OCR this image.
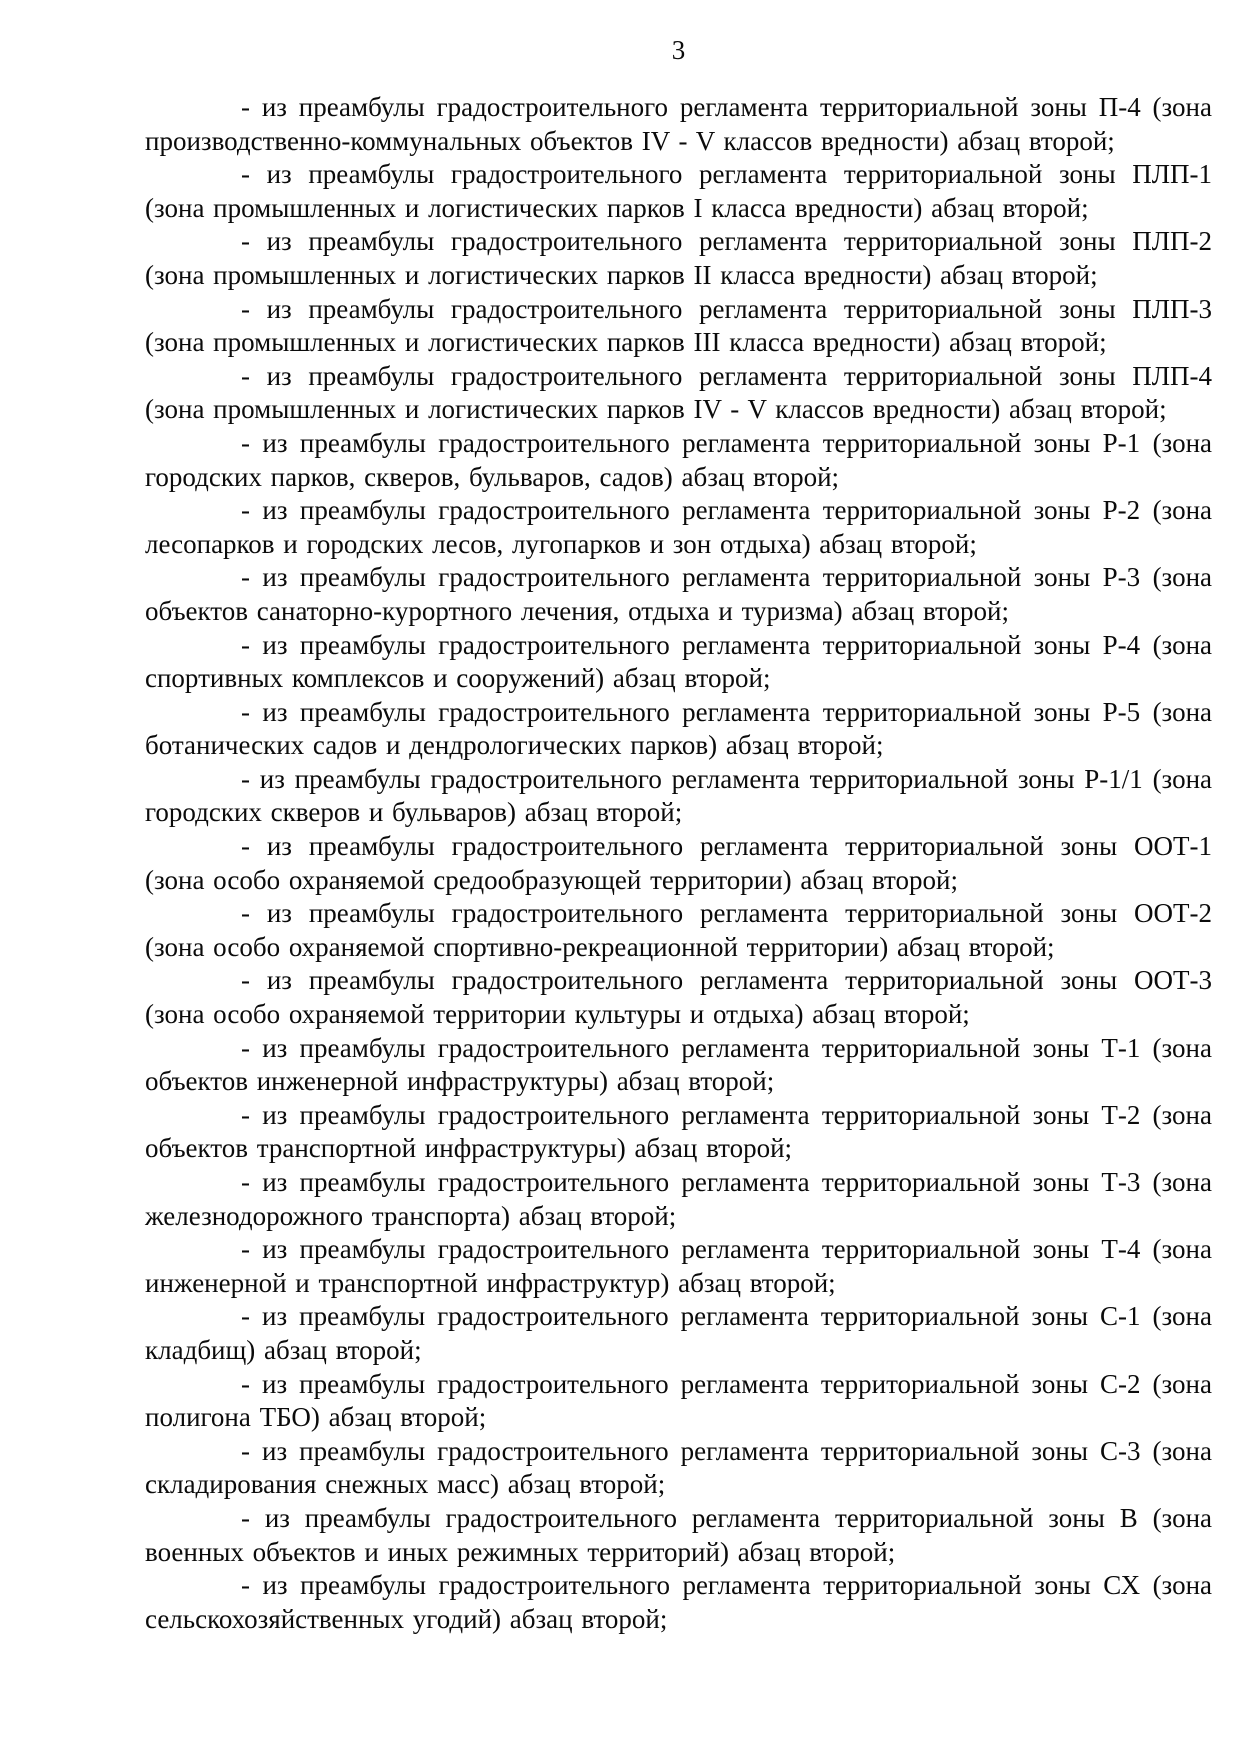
3

- из преамбулы градостроительного регламента территориальной зоны П-4 (зона производственно-коммунальных объектов IV - V классов вредности) абзац второй;

- из преамбулы градостроительного регламента территориальной зоны ПЛП-1 (зона промышленных и логистических парков I класса вредности) абзац второй;

- из преамбулы градостроительного регламента территориальной зоны ПЛП-2 (зона промышленных и логистических парков II класса вредности) абзац второй;

- из преамбулы градостроительного регламента территориальной зоны ПЛП-3 (зона промышленных и логистических парков III класса вредности) абзац второй;

- из преамбулы градостроительного регламента территориальной зоны ПЛП-4 (зона промышленных и логистических парков IV - V классов вредности) абзац второй;

- из преамбулы градостроительного регламента территориальной зоны Р-1 (зона городских парков, скверов, бульваров, садов) абзац второй;

- из преамбулы градостроительного регламента территориальной зоны Р-2 (зона лесопарков и городских лесов, лугопарков и зон отдыха) абзац второй;

- из преамбулы градостроительного регламента территориальной зоны Р-3 (зона объектов санаторно-курортного лечения, отдыха и туризма) абзац второй;

- из преамбулы градостроительного регламента территориальной зоны Р-4 (зона спортивных комплексов и сооружений) абзац второй;

- из преамбулы градостроительного регламента территориальной зоны Р-5 (зона ботанических садов и дендрологических парков) абзац второй;

- из преамбулы градостроительного регламента территориальной зоны Р-1/1 (зона городских скверов и бульваров) абзац второй;

- из преамбулы градостроительного регламента территориальной зоны ООТ-1 (зона особо охраняемой средообразующей территории) абзац второй;

- из преамбулы градостроительного регламента территориальной зоны ООТ-2 (зона особо охраняемой спортивно-рекреационной территории) абзац второй;

- из преамбулы градостроительного регламента территориальной зоны ООТ-3 (зона особо охраняемой территории культуры и отдыха) абзац второй;

- из преамбулы градостроительного регламента территориальной зоны Т-1 (зона объектов инженерной инфраструктуры) абзац второй;

- из преамбулы градостроительного регламента территориальной зоны Т-2 (зона объектов транспортной инфраструктуры) абзац второй;

- из преамбулы градостроительного регламента территориальной зоны Т-3 (зона железнодорожного транспорта) абзац второй;

- из преамбулы градостроительного регламента территориальной зоны Т-4 (зона инженерной и транспортной инфраструктур) абзац второй;

- из преамбулы градостроительного регламента территориальной зоны С-1 (зона кладбищ) абзац второй;

- из преамбулы градостроительного регламента территориальной зоны С-2 (зона полигона ТБО) абзац второй;

- из преамбулы градостроительного регламента территориальной зоны С-3 (зона складирования снежных масс) абзац второй;

- из преамбулы градостроительного регламента территориальной зоны В (зона военных объектов и иных режимных территорий) абзац второй;

- из преамбулы градостроительного регламента территориальной зоны СХ (зона сельскохозяйственных угодий) абзац второй;
